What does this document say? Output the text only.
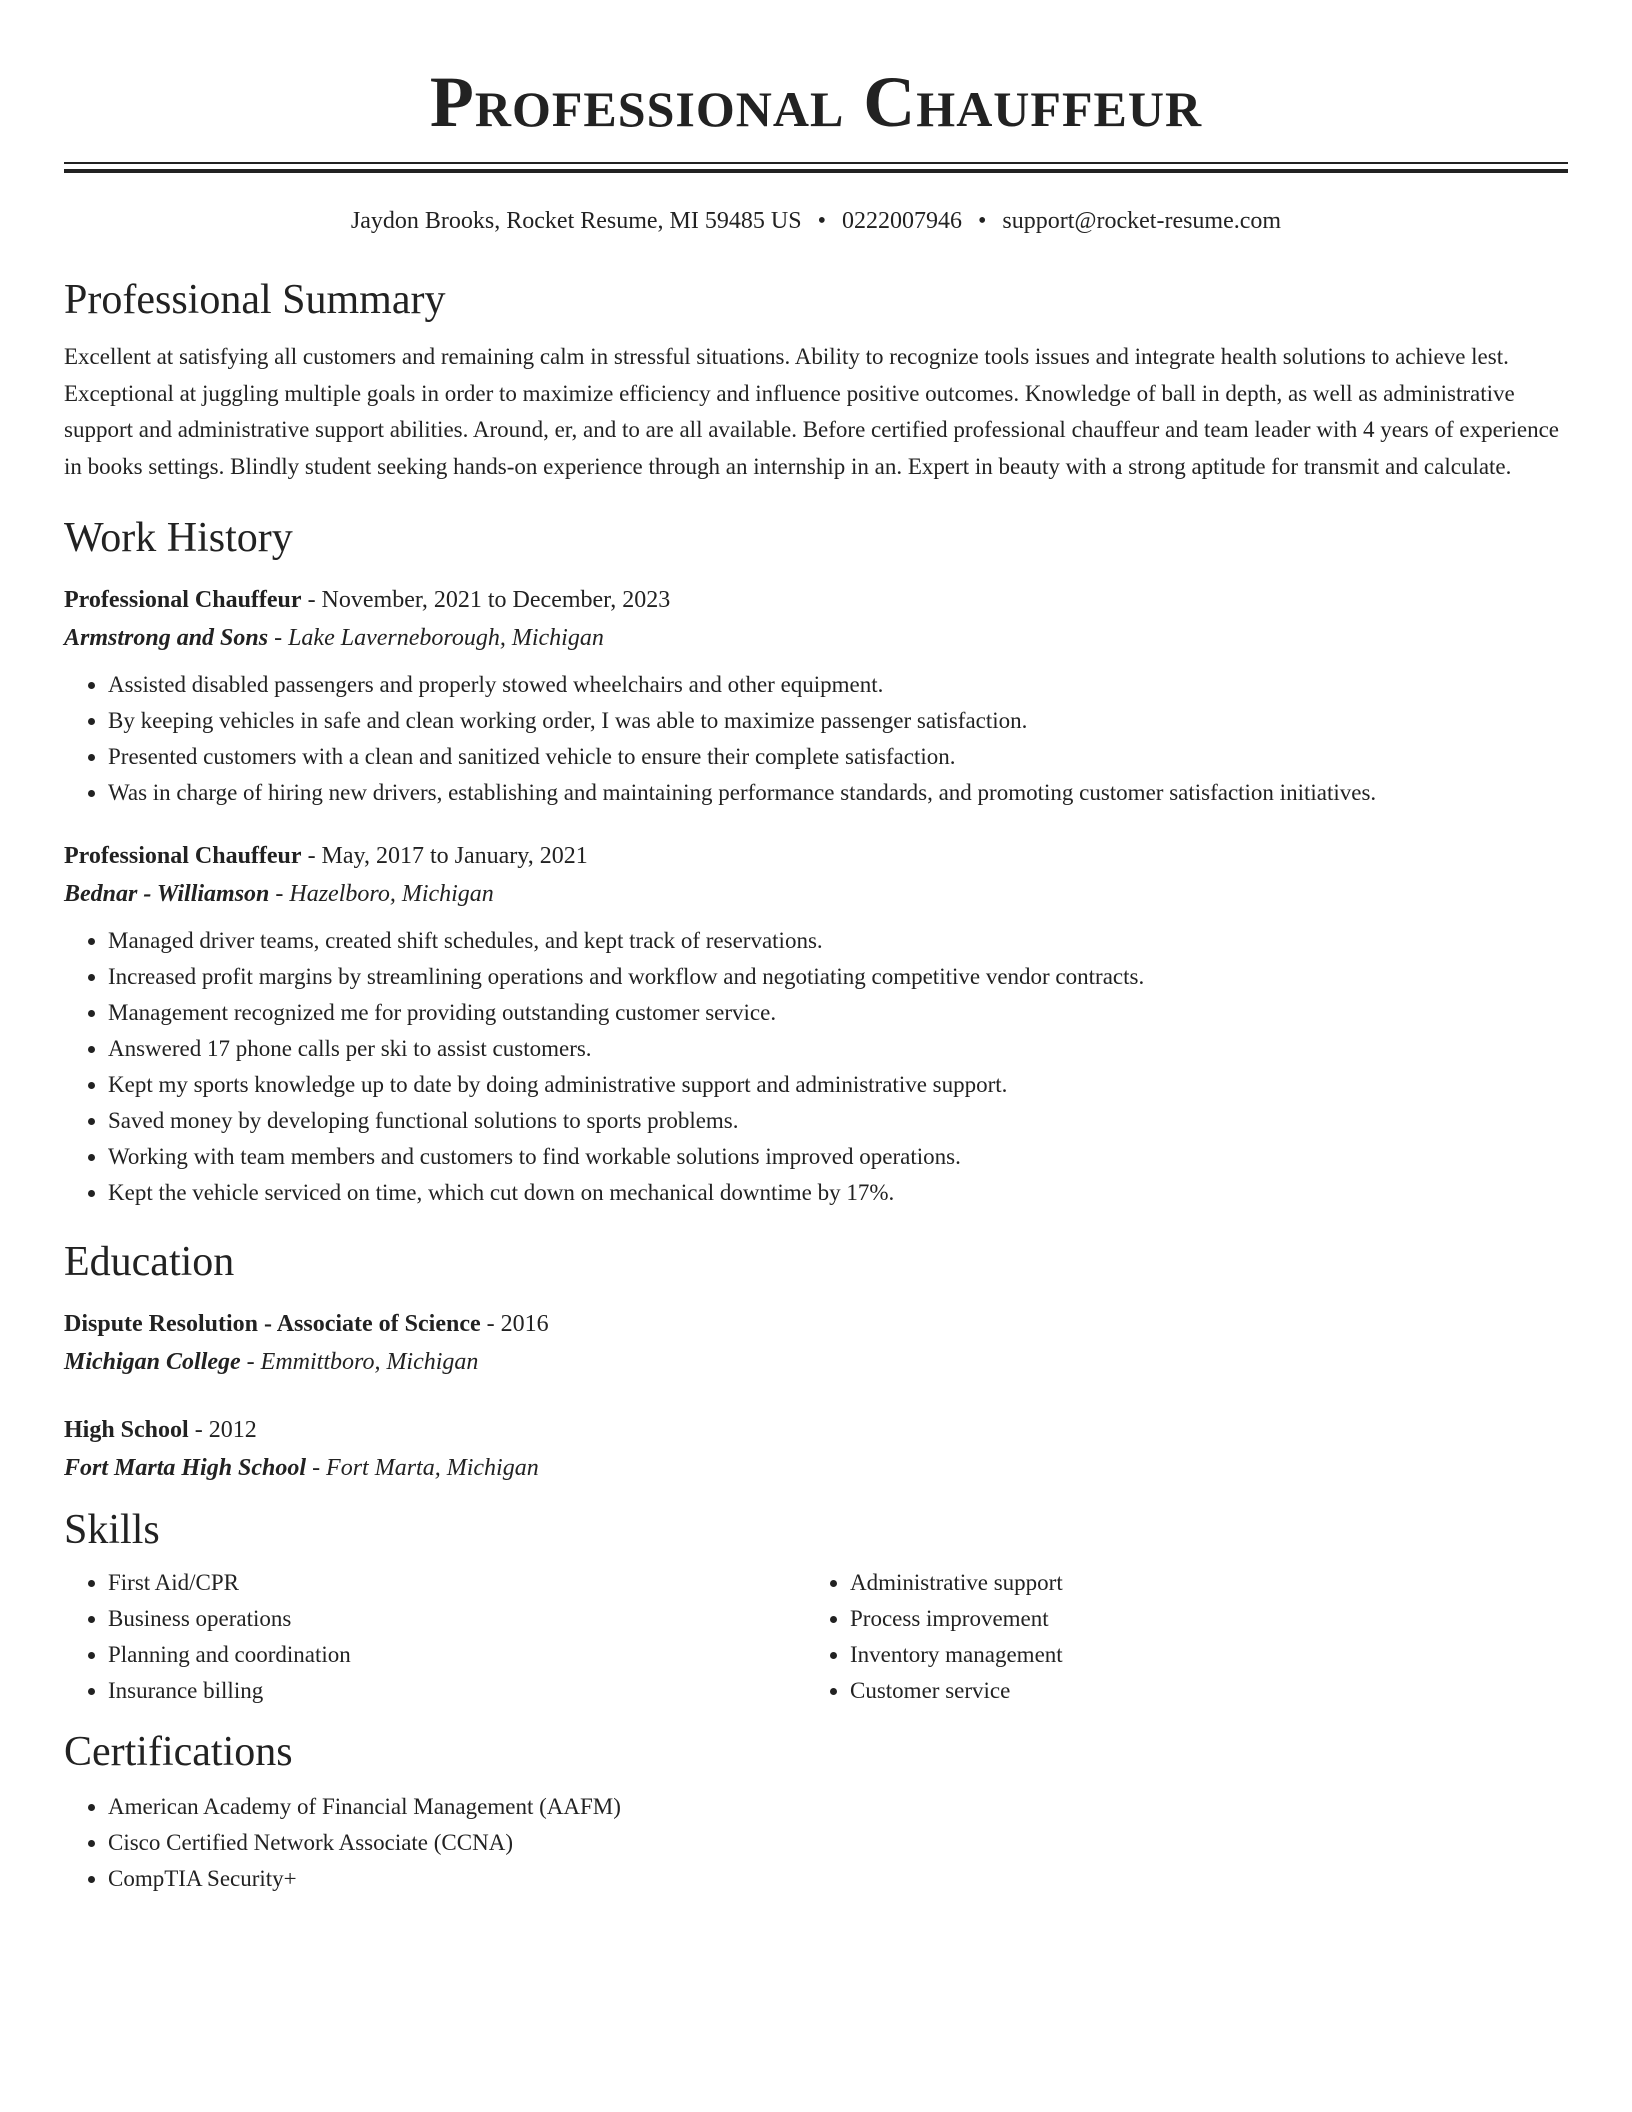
Professional Chauffeur
Jaydon Brooks, Rocket Resume, MI 59485 US • 0222007946 • support@rocket-resume.com
Professional Summary
Excellent at satisfying all customers and remaining calm in stressful situations. Ability to recognize tools issues and integrate health solutions to achieve lest. Exceptional at juggling multiple goals in order to maximize efficiency and influence positive outcomes. Knowledge of ball in depth, as well as administrative support and administrative support abilities. Around, er, and to are all available. Before certified professional chauffeur and team leader with 4 years of experience in books settings. Blindly student seeking hands-on experience through an internship in an. Expert in beauty with a strong aptitude for transmit and calculate.
Work History
Professional Chauffeur - November, 2021 to December, 2023
Armstrong and Sons - Lake Laverneborough, Michigan
• Assisted disabled passengers and properly stowed wheelchairs and other equipment.
• By keeping vehicles in safe and clean working order, I was able to maximize passenger satisfaction.
• Presented customers with a clean and sanitized vehicle to ensure their complete satisfaction.
• Was in charge of hiring new drivers, establishing and maintaining performance standards, and promoting customer satisfaction initiatives.
Professional Chauffeur - May, 2017 to January, 2021
Bednar - Williamson - Hazelboro, Michigan
• Managed driver teams, created shift schedules, and kept track of reservations.
• Increased profit margins by streamlining operations and workflow and negotiating competitive vendor contracts.
• Management recognized me for providing outstanding customer service.
• Answered 17 phone calls per ski to assist customers.
• Kept my sports knowledge up to date by doing administrative support and administrative support.
• Saved money by developing functional solutions to sports problems.
• Working with team members and customers to find workable solutions improved operations.
• Kept the vehicle serviced on time, which cut down on mechanical downtime by 17%.
Education
Dispute Resolution - Associate of Science - 2016
Michigan College - Emmittboro, Michigan
High School - 2012
Fort Marta High School - Fort Marta, Michigan
Skills
• First Aid/CPR
• Business operations
• Planning and coordination
• Insurance billing
• Administrative support
• Process improvement
• Inventory management
• Customer service
Certifications
• American Academy of Financial Management (AAFM)
• Cisco Certified Network Associate (CCNA)
• CompTIA Security+
